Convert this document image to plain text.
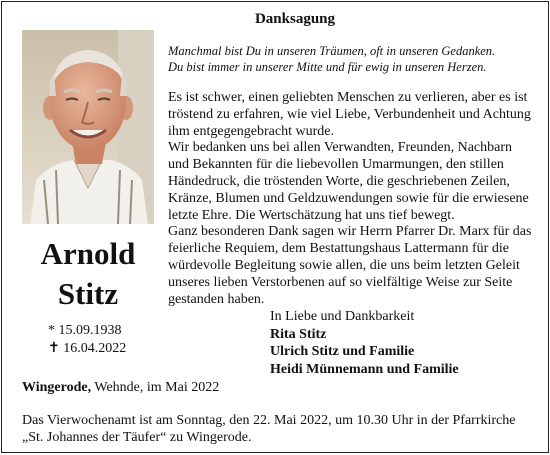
Danksagung
Arnold
Stitz
* 15.09.1938
✝ 16.04.2022
Manchmal bist Du in unseren Träumen, oft in unseren Gedanken.
Du bist immer in unserer Mitte und für ewig in unseren Herzen.

Es ist schwer, einen geliebten Menschen zu verlieren, aber es ist tröstend zu erfahren, wie viel Liebe, Verbundenheit und Achtung ihm entgegengebracht wurde.

Wir bedanken uns bei allen Verwandten, Freunden, Nachbarn und Bekannten für die liebevollen Umarmungen, den stillen Händedruck, die tröstenden Worte, die geschriebenen Zeilen, Kränze, Blumen und Geldzuwendungen sowie für die erwiesene letzte Ehre. Die Wertschätzung hat uns tief bewegt.

Ganz besonderen Dank sagen wir Herrn Pfarrer Dr. Marx für das feierliche Requiem, dem Bestattungshaus Lattermann für die würdevolle Begleitung sowie allen, die uns beim letzten Geleit unseres lieben Verstorbenen auf so vielfältige Weise zur Seite gestanden haben.

In Liebe und Dankbarkeit
Rita Stitz
Ulrich Stitz und Familie
Heidi Münnemann und Familie
Wingerode, Wehnde, im Mai 2022
Das Vierwochenamt ist am Sonntag, den 22. Mai 2022, um 10.30 Uhr in der Pfarrkirche
„St. Johannes der Täufer“ zu Wingerode.
